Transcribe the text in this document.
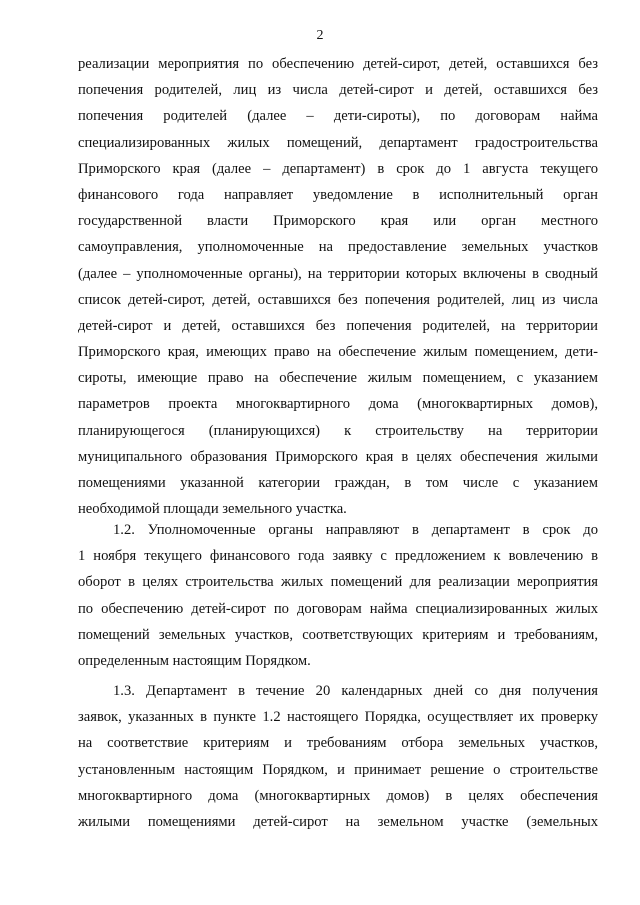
2
реализации мероприятия по обеспечению детей-сирот, детей, оставшихся без
попечения родителей, лиц из числа детей-сирот и детей, оставшихся без
попечения родителей (далее – дети-сироты), по договорам найма
специализированных жилых помещений, департамент градостроительства
Приморского края (далее – департамент) в срок до 1 августа текущего
финансового года направляет уведомление в исполнительный орган
государственной власти Приморского края или орган местного
самоуправления, уполномоченные на предоставление земельных участков
(далее – уполномоченные органы), на территории которых включены в сводный
список детей-сирот, детей, оставшихся без попечения родителей, лиц из числа
детей-сирот и детей, оставшихся без попечения родителей, на территории
Приморского края, имеющих право на обеспечение жилым помещением, дети-
сироты, имеющие право на обеспечение жилым помещением, с указанием
параметров проекта многоквартирного дома (многоквартирных домов),
планирующегося (планирующихся) к строительству на территории
муниципального образования Приморского края в целях обеспечения жилыми
помещениями указанной категории граждан, в том числе с указанием
необходимой площади земельного участка.
1.2. Уполномоченные органы направляют в департамент в срок до
1 ноября текущего финансового года заявку с предложением к вовлечению в
оборот в целях строительства жилых помещений для реализации мероприятия
по обеспечению детей-сирот по договорам найма специализированных жилых
помещений земельных участков, соответствующих критериям и требованиям,
определенным настоящим Порядком.
1.3. Департамент в течение 20 календарных дней со дня получения
заявок, указанных в пункте 1.2 настоящего Порядка, осуществляет их проверку
на соответствие критериям и требованиям отбора земельных участков,
установленным настоящим Порядком, и принимает решение о строительстве
многоквартирного дома (многоквартирных домов) в целях обеспечения
жилыми помещениями детей-сирот на земельном участке (земельных
